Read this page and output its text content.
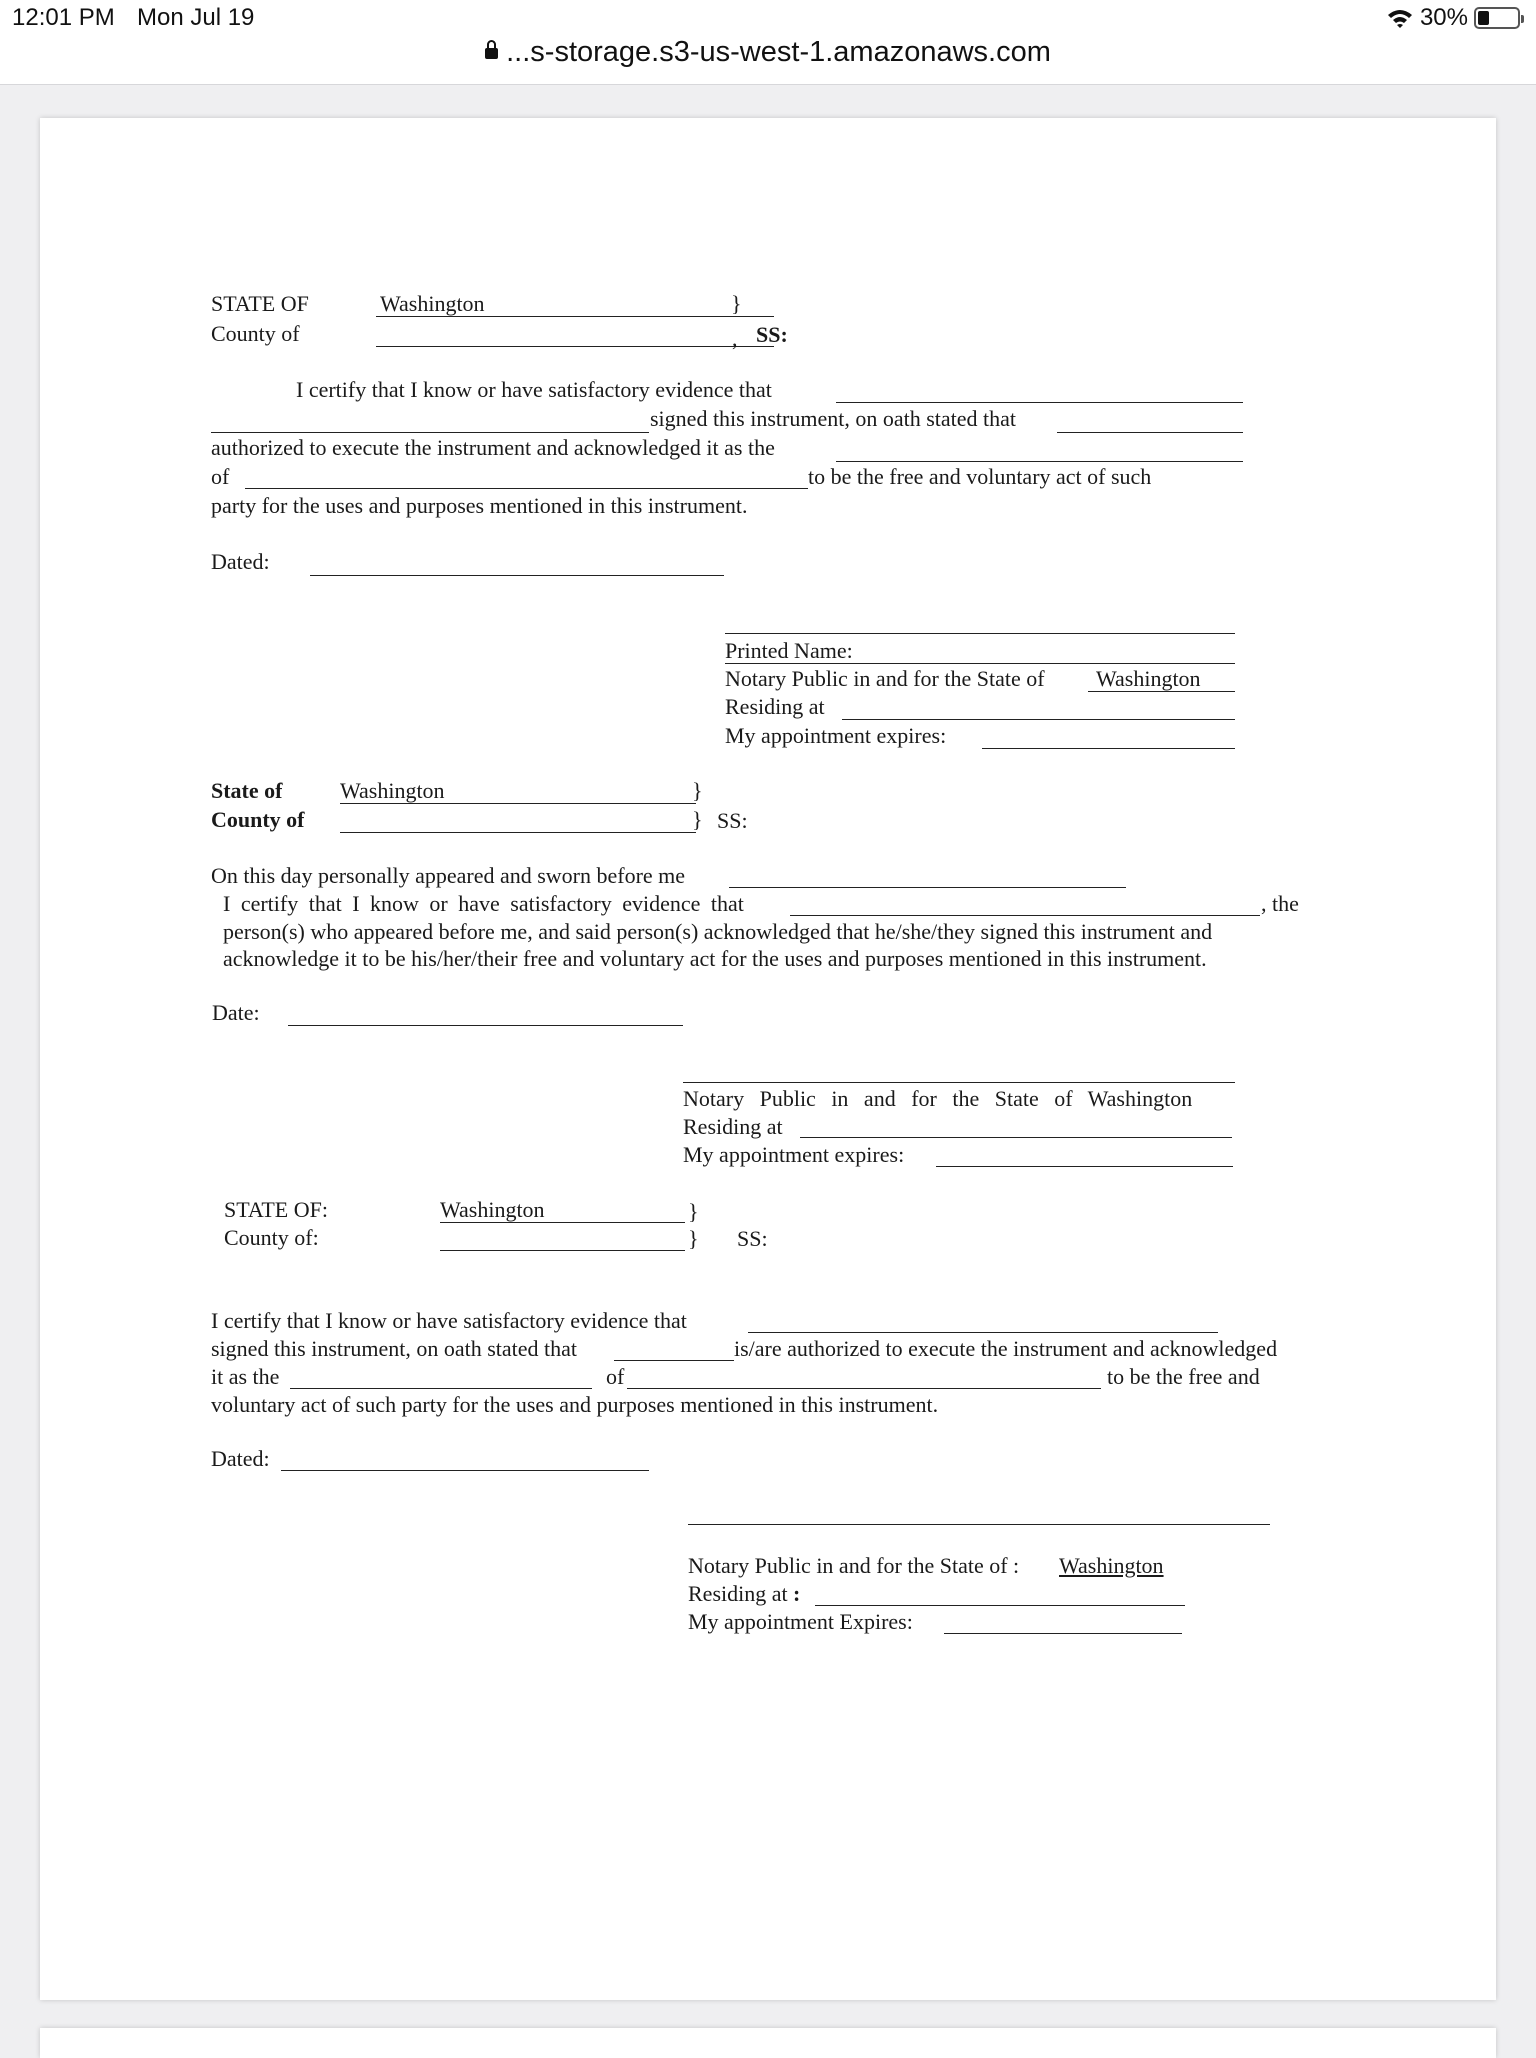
12:01 PM Mon Jul 19	30%
...s-storage.s3-us-west-1.amazonaws.com
STATE OF	Washington	}
County of	, SS:
I certify that I know or have satisfactory evidence that
signed this instrument, on oath stated that
authorized to execute the instrument and acknowledged it as the
of	to be the free and voluntary act of such
party for the uses and purposes mentioned in this instrument.
Dated:
Printed Name:
Notary Public in and for the State of Washington
Residing at
My appointment expires:
State of	Washington	}
County of	} SS:
On this day personally appeared and sworn before me
I certify that I know or have satisfactory evidence that	, the
person(s) who appeared before me, and said person(s) acknowledged that he/she/they signed this instrument and
acknowledge it to be his/her/their free and voluntary act for the uses and purposes mentioned in this instrument.
Date:
Notary Public in and for the State of Washington
Residing at
My appointment expires:
STATE OF:	Washington	}
County of:	} SS:
I certify that I know or have satisfactory evidence that
signed this instrument, on oath stated that	is/are authorized to execute the instrument and acknowledged
it as the	of	to be the free and
voluntary act of such party for the uses and purposes mentioned in this instrument.
Dated:
Notary Public in and for the State of : Washington
Residing at :
My appointment Expires:
